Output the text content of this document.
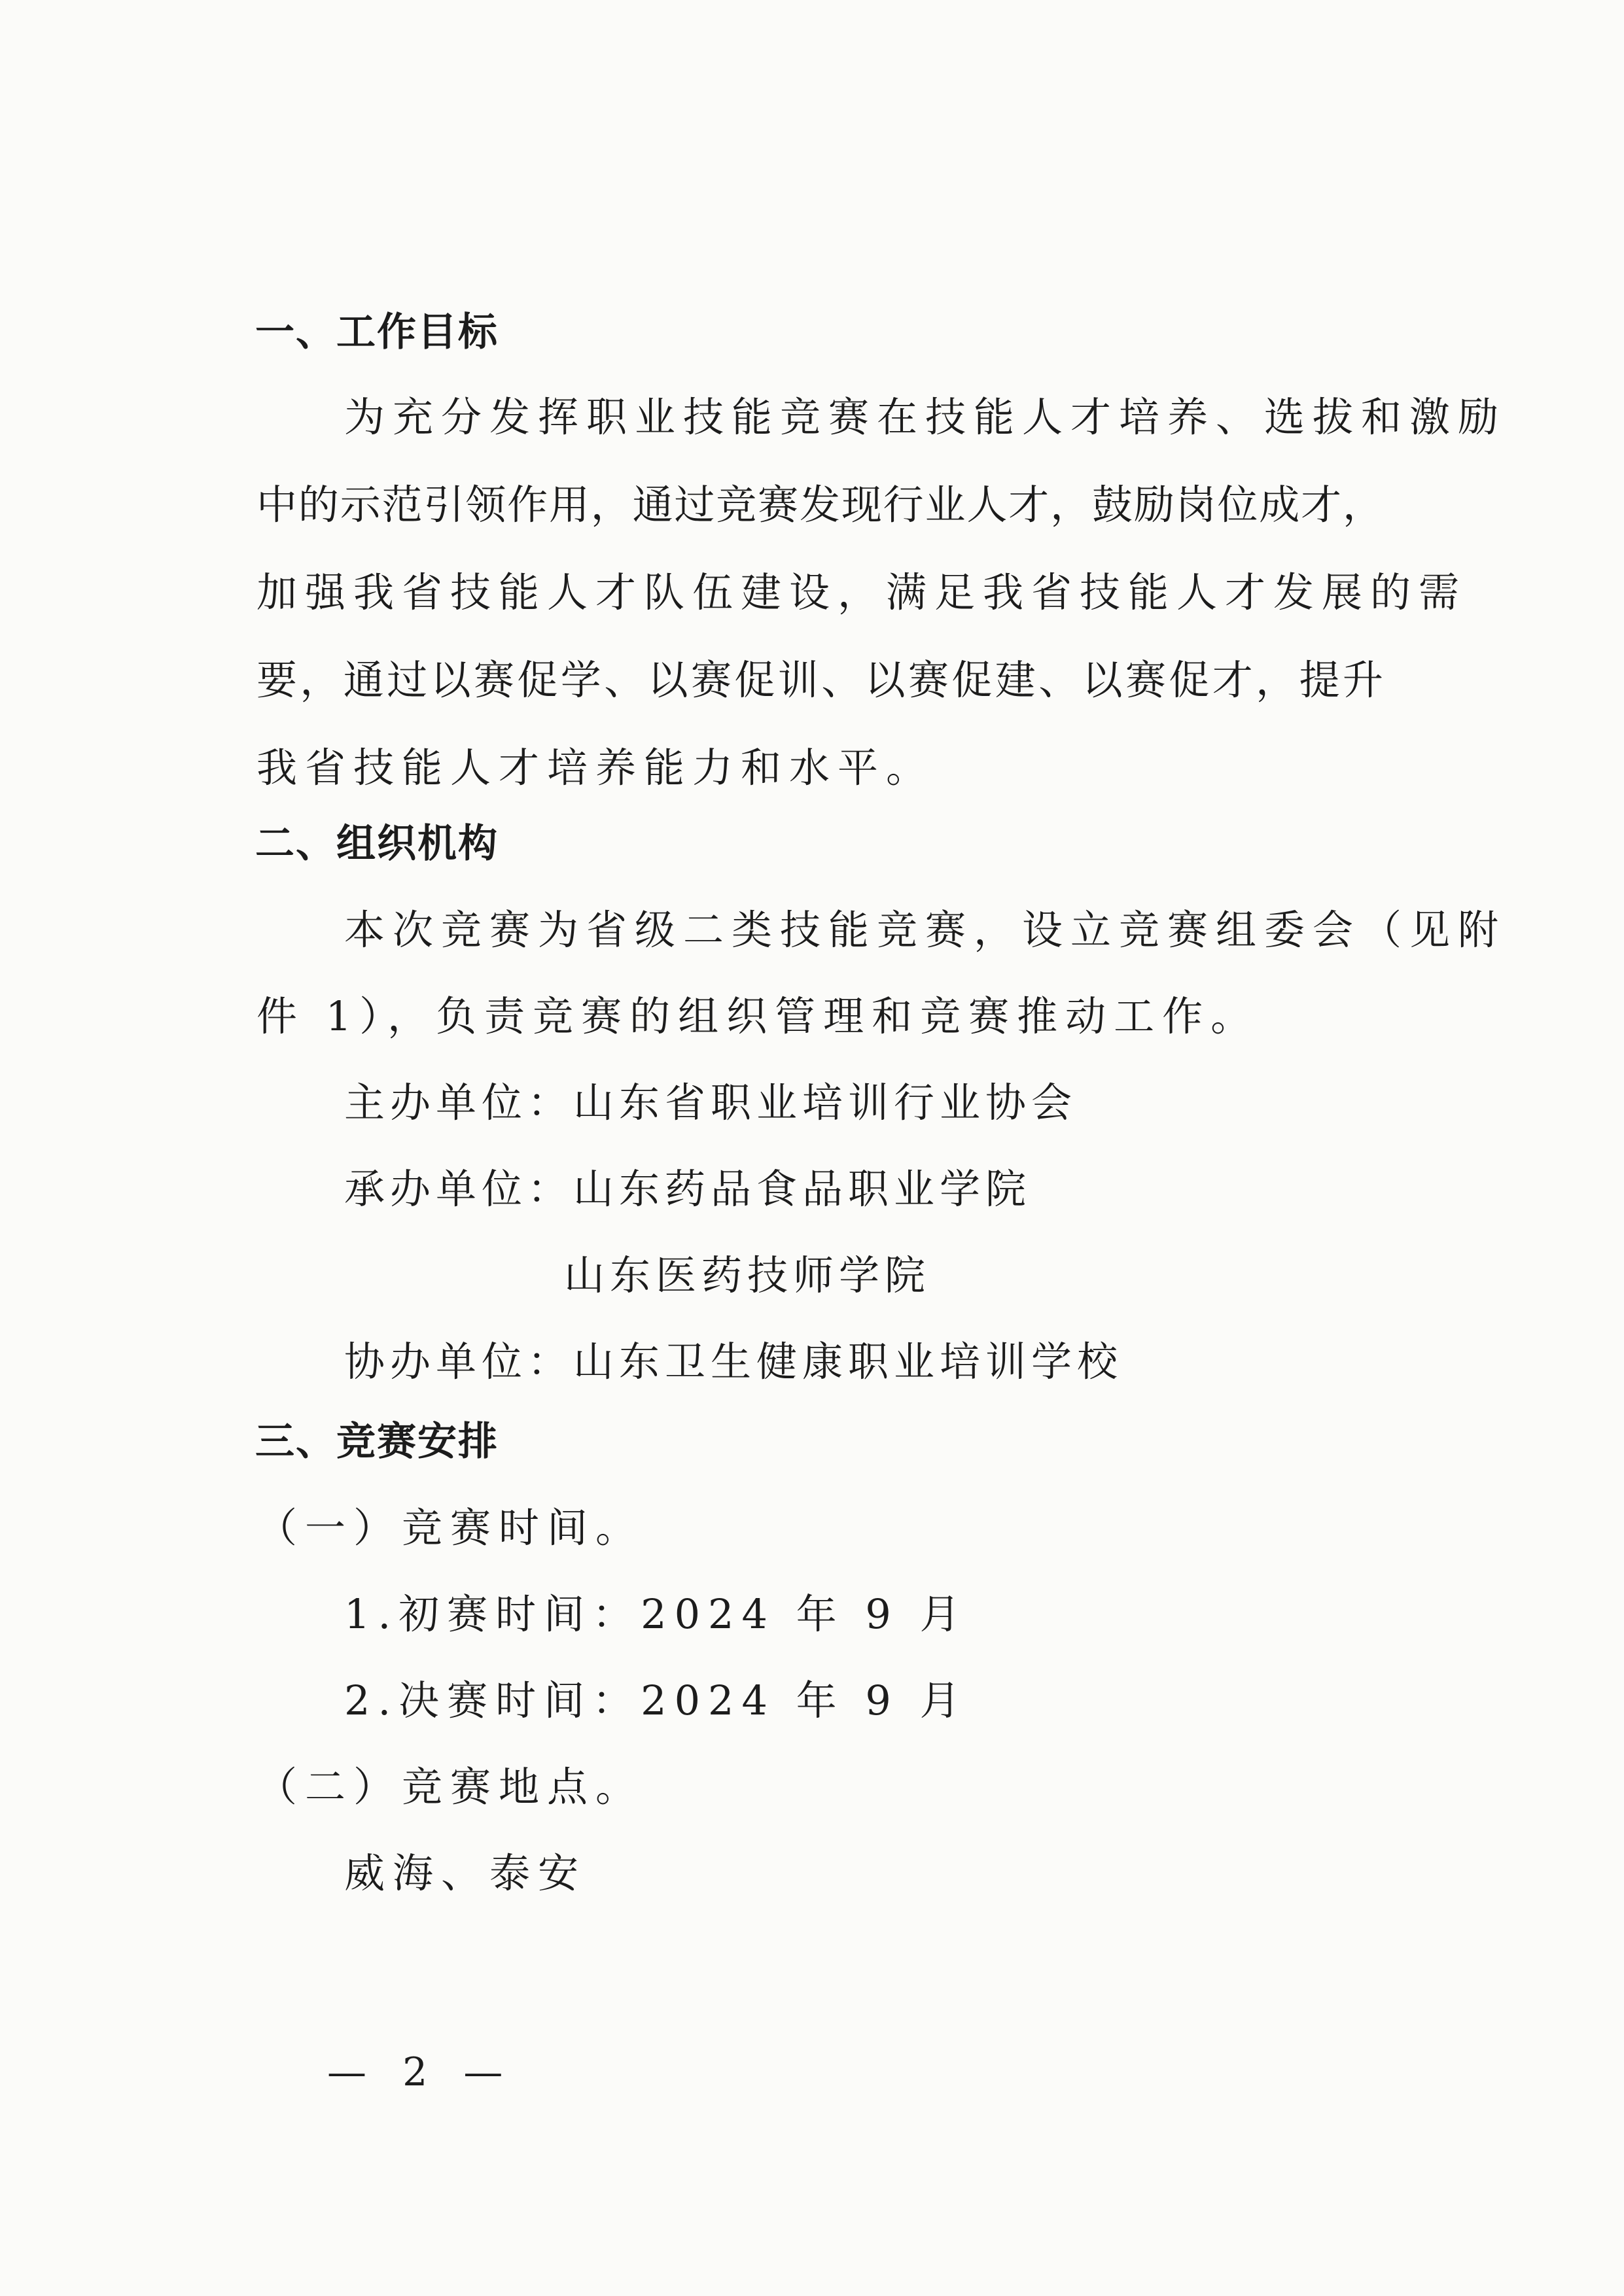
一、工作目标
为充分发挥职业技能竞赛在技能人才培养、选拔和激励
中的示范引领作用，通过竞赛发现行业人才，鼓励岗位成才，
加强我省技能人才队伍建设，满足我省技能人才发展的需
要，通过以赛促学、以赛促训、以赛促建、以赛促才，提升
我省技能人才培养能力和水平。
二、组织机构
本次竞赛为省级二类技能竞赛，设立竞赛组委会（见附
件 1），负责竞赛的组织管理和竞赛推动工作。
主办单位：山东省职业培训行业协会
承办单位：山东药品食品职业学院
山东医药技师学院
协办单位：山东卫生健康职业培训学校
三、竞赛安排
（一）竞赛时间。
1.初赛时间：2024 年 9 月
2.决赛时间：2024 年 9 月
（二）竞赛地点。
威海、泰安
— 2 —
